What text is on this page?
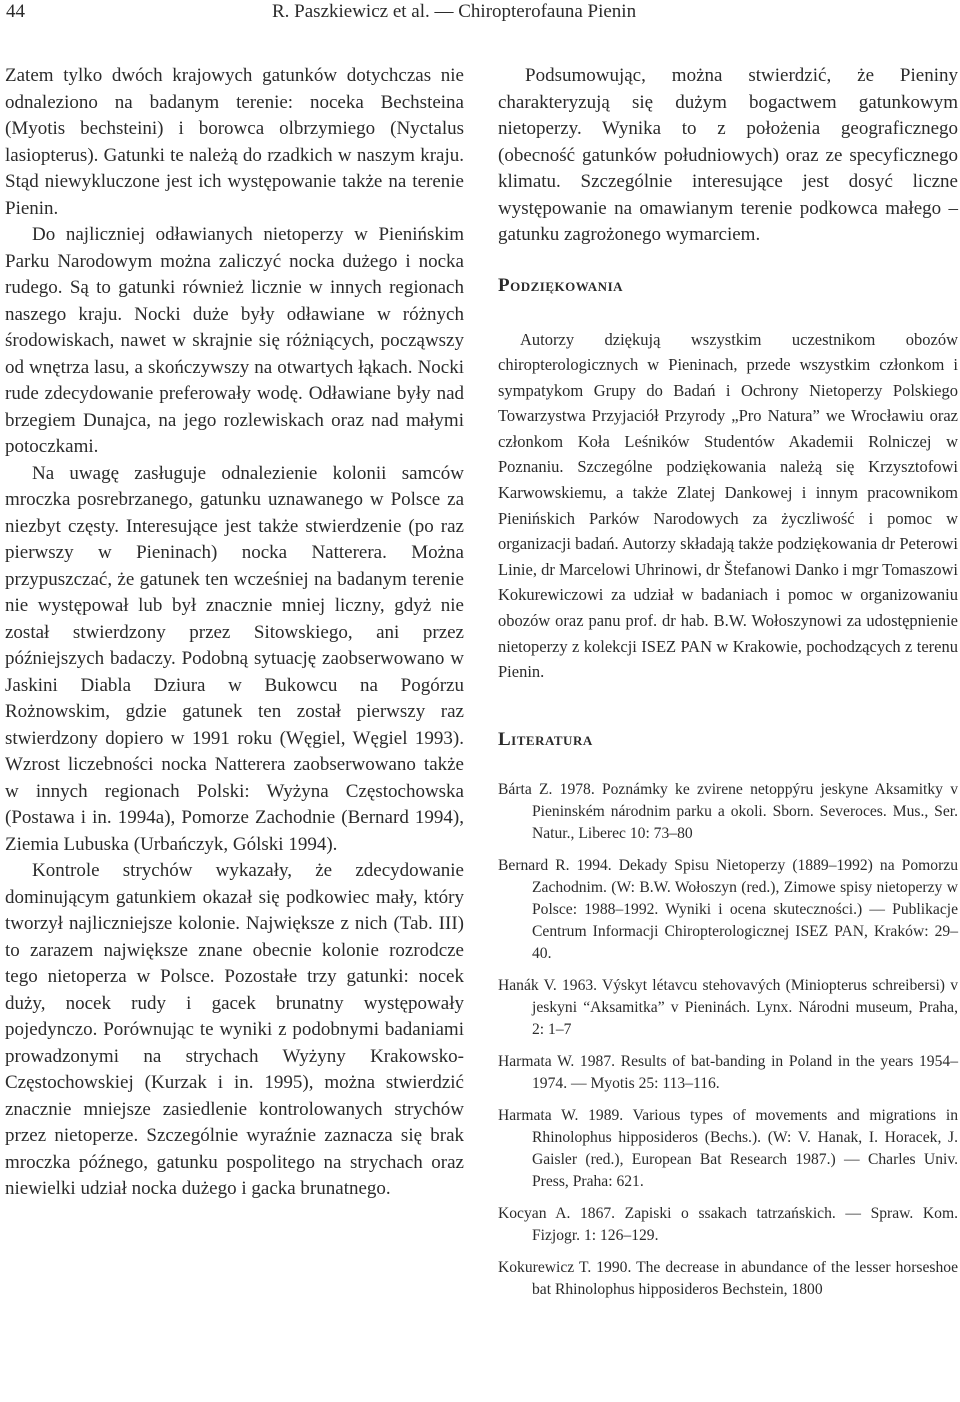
44	R. Paszkiewicz et al. — Chiropterofauna Pienin

Zatem tylko dwóch krajowych gatunków dotychczas nie odnaleziono na badanym terenie: noceka Bechsteina (Myotis bechsteini) i borowca olbrzymiego (Nyctalus lasiopterus). Gatunki te należą do rzadkich w naszym kraju. Stąd niewykluczone jest ich występowanie także na terenie Pienin.

Do najliczniej odławianych nietoperzy w Pienińskim Parku Narodowym można zaliczyć nocka dużego i nocka rudego. Są to gatunki również licznie w innych regionach naszego kraju. Nocki duże były odławiane w różnych środowiskach, nawet w skrajnie się różniących, począwszy od wnętrza lasu, a skończywszy na otwartych łąkach. Nocki rude zdecydowanie preferowały wodę. Odławiane były nad brzegiem Dunajca, na jego rozlewiskach oraz nad małymi potoczkami.

Na uwagę zasługuje odnalezienie kolonii samców mroczka posrebrzanego, gatunku uznawanego w Polsce za niezbyt częsty. Interesujące jest także stwierdzenie (po raz pierwszy w Pieninach) nocka Natterera. Można przypuszczać, że gatunek ten wcześniej na badanym terenie nie występował lub był znacznie mniej liczny, gdyż nie został stwierdzony przez Sitowskiego, ani przez późniejszych badaczy. Podobną sytuację zaobserwowano w Jaskini Diabla Dziura w Bukowcu na Pogórzu Rożnowskim, gdzie gatunek ten został pierwszy raz stwierdzony dopiero w 1991 roku (Węgiel, Węgiel 1993). Wzrost liczebności nocka Natterera zaobserwowano także w innych regionach Polski: Wyżyna Częstochowska (Postawa i in. 1994a), Pomorze Zachodnie (Bernard 1994), Ziemia Lubuska (Urbańczyk, Gólski 1994).

Kontrole strychów wykazały, że zdecydowanie dominującym gatunkiem okazał się podkowiec mały, który tworzył najliczniejsze kolonie. Największe z nich (Tab. III) to zarazem największe znane obecnie kolonie rozrodcze tego nietoperza w Polsce. Pozostałe trzy gatunki: nocek duży, nocek rudy i gacek brunatny występowały pojedynczo. Porównując te wyniki z podobnymi badaniami prowadzonymi na strychach Wyżyny Krakowsko-Częstochowskiej (Kurzak i in. 1995), można stwierdzić znacznie mniejsze zasiedlenie kontrolowanych strychów przez nietoperze. Szczególnie wyraźnie zaznacza się brak mroczka późnego, gatunku pospolitego na strychach oraz niewielki udział nocka dużego i gacka brunatnego.

Podsumowując, można stwierdzić, że Pieniny charakteryzują się dużym bogactwem gatunkowym nietoperzy. Wynika to z położenia geograficznego (obecność gatunków południowych) oraz ze specyficznego klimatu. Szczególnie interesujące jest dosyć liczne występowanie na omawianym terenie podkowca małego – gatunku zagrożonego wymarciem.

Podziękowania

Autorzy dziękują wszystkim uczestnikom obozów chiropterologicznych w Pieninach, przede wszystkim członkom i sympatykom Grupy do Badań i Ochrony Nietoperzy Polskiego Towarzystwa Przyjaciół Przyrody „Pro Natura” we Wrocławiu oraz członkom Koła Leśników Studentów Akademii Rolniczej w Poznaniu. Szczególne podziękowania należą się Krzysztofowi Karwowskiemu, a także Zlatej Dankowej i innym pracownikom Pienińskich Parków Narodowych za życzliwość i pomoc w organizacji badań. Autorzy składają także podziękowania dr Peterowi Linie, dr Marcelowi Uhrinowi, dr Štefanowi Danko i mgr Tomaszowi Kokurewiczowi za udział w badaniach i pomoc w organizowaniu obozów oraz panu prof. dr hab. B.W. Wołoszynowi za udostępnienie nietoperzy z kolekcji ISEZ PAN w Krakowie, pochodzących z terenu Pienin.

Literatura

Bárta Z. 1978. Poznámky ke zvirene netoppýru jeskyne Aksamitky v Pieninském národnim parku a okoli. Sborn. Severoces. Mus., Ser. Natur., Liberec 10: 73–80

Bernard R. 1994. Dekady Spisu Nietoperzy (1889–1992) na Pomorzu Zachodnim. (W: B.W. Wołoszyn (red.), Zimowe spisy nietoperzy w Polsce: 1988–1992. Wyniki i ocena skuteczności.) — Publikacje Centrum Informacji Chiropterologicznej ISEZ PAN, Kraków: 29–40.

Hanák V. 1963. Výskyt létavcu stehovavých (Miniopterus schreibersi) v jeskyni “Aksamitka” v Pieninách. Lynx. Národni museum, Praha, 2: 1–7

Harmata W. 1987. Results of bat-banding in Poland in the years 1954–1974. — Myotis 25: 113–116.

Harmata W. 1989. Various types of movements and migrations in Rhinolophus hipposideros (Bechs.). (W: V. Hanak, I. Horacek, J. Gaisler (red.), European Bat Research 1987.) — Charles Univ. Press, Praha: 621.

Kocyan A. 1867. Zapiski o ssakach tatrzańskich. — Spraw. Kom. Fizjogr. 1: 126–129.

Kokurewicz T. 1990. The decrease in abundance of the lesser horseshoe bat Rhinolophus hipposideros Bechstein, 1800
